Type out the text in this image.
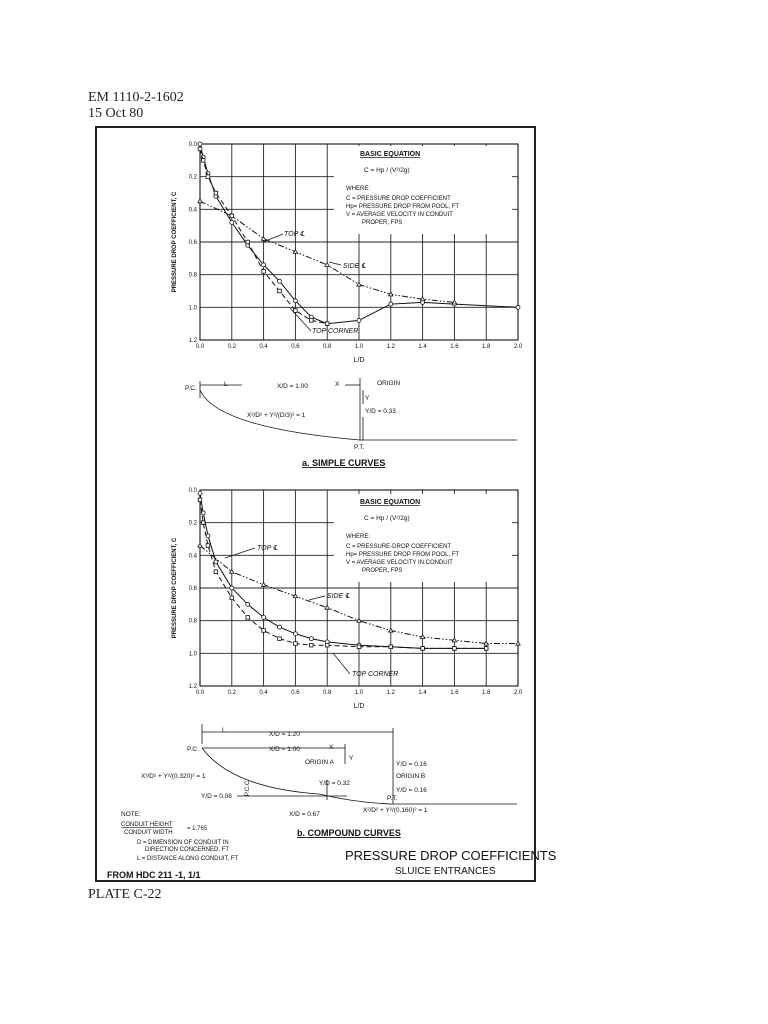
EM 1110-2-1602
15 Oct 80
0.0
0.2
0.4
0.6
0.8
1.0
1.2
0.0	0.2	0.4	0.6	0.8	1.0	1.2	1.4	1.6	1.8	2.0
PRESSURE DROP COEFFICIENT, C
L/D
BASIC EQUATION
C = Hp / (V²/2g)
WHERE:
C = PRESSURE DROP COEFFICIENT
Hp= PRESSURE DROP FROM POOL, FT
V = AVERAGE VELOCITY IN CONDUIT
PROPER, FPS
TOP ℄
SIDE ℄
TOP CORNER
P.C.
L	X/D = 1.00	X	ORIGIN
Y
Y/D = 0.33
X²/D² + Y²/(D/3)² = 1
P.T.
a. SIMPLE CURVES
0.0
0.2
0.4
0.6
0.8
1.0
1.2
0.0	0.2	0.4	0.6	0.8	1.0	1.2	1.4	1.6	1.8	2.0
PRESSURE DROP COEFFICIENT, C
L/D
BASIC EQUATION
C = Hp / (V²/2g)
WHERE:
C = PRESSURE-DROP COEFFICIENT
Hp= PRESSURE DROP FROM POOL, FT
V = AVERAGE VELOCITY IN CONDUIT
PROPER, FPS
TOP ℄
SIDE ℄
TOP CORNER
P.C.
L
X/D = 1.20
X/D = 1.00	X
ORIGIN A
Y
Y/D = 0.16
ORIGIN B
Y/D = 0.16
Y/D = 0.32
Y/D = 0.08
X²/D² + Y²/(0.320)² = 1
X/D = 0.67
X²/D² + Y²/(0.160)² = 1
P.C.C.
P.T.
b. COMPOUND CURVES
NOTE:
CONDUIT HEIGHT
CONDUIT WIDTH
= 1.765
D = DIMENSION OF CONDUIT IN
DIRECTION CONCERNED, FT
L = DISTANCE ALONG CONDUIT, FT	PRESSURE DROP COEFFICIENTS
SLUICE ENTRANCES
FROM HDC 211 -1, 1/1
PLATE C-22
